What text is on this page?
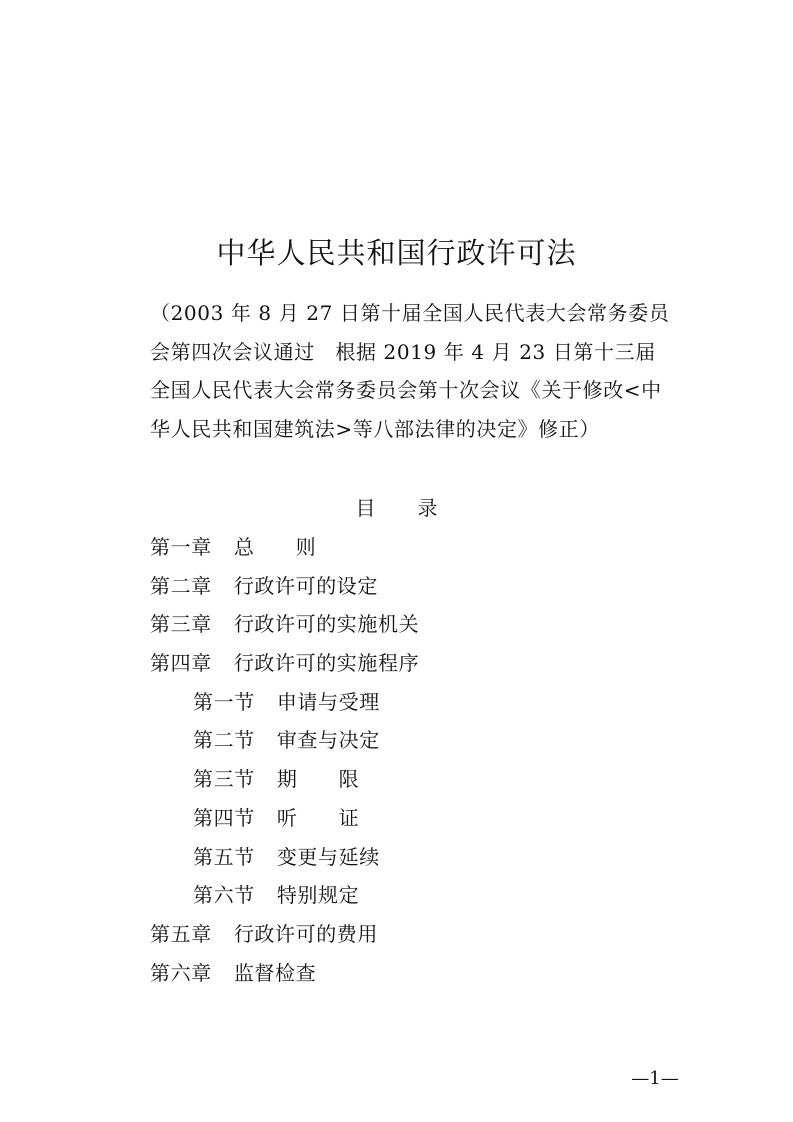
中华人民共和国行政许可法

（2003 年 8 月 27 日第十届全国人民代表大会常务委员会第四次会议通过　根据 2019 年 4 月 23 日第十三届全国人民代表大会常务委员会第十次会议《关于修改<中华人民共和国建筑法>等八部法律的决定》修正）

目 录
第一章 总　　则
第二章 行政许可的设定
第三章 行政许可的实施机关
第四章 行政许可的实施程序
第一节 申请与受理
第二节 审查与决定
第三节 期　　限
第四节 听　　证
第五节 变更与延续
第六节 特别规定
第五章 行政许可的费用
第六章 监督检查
—1—
